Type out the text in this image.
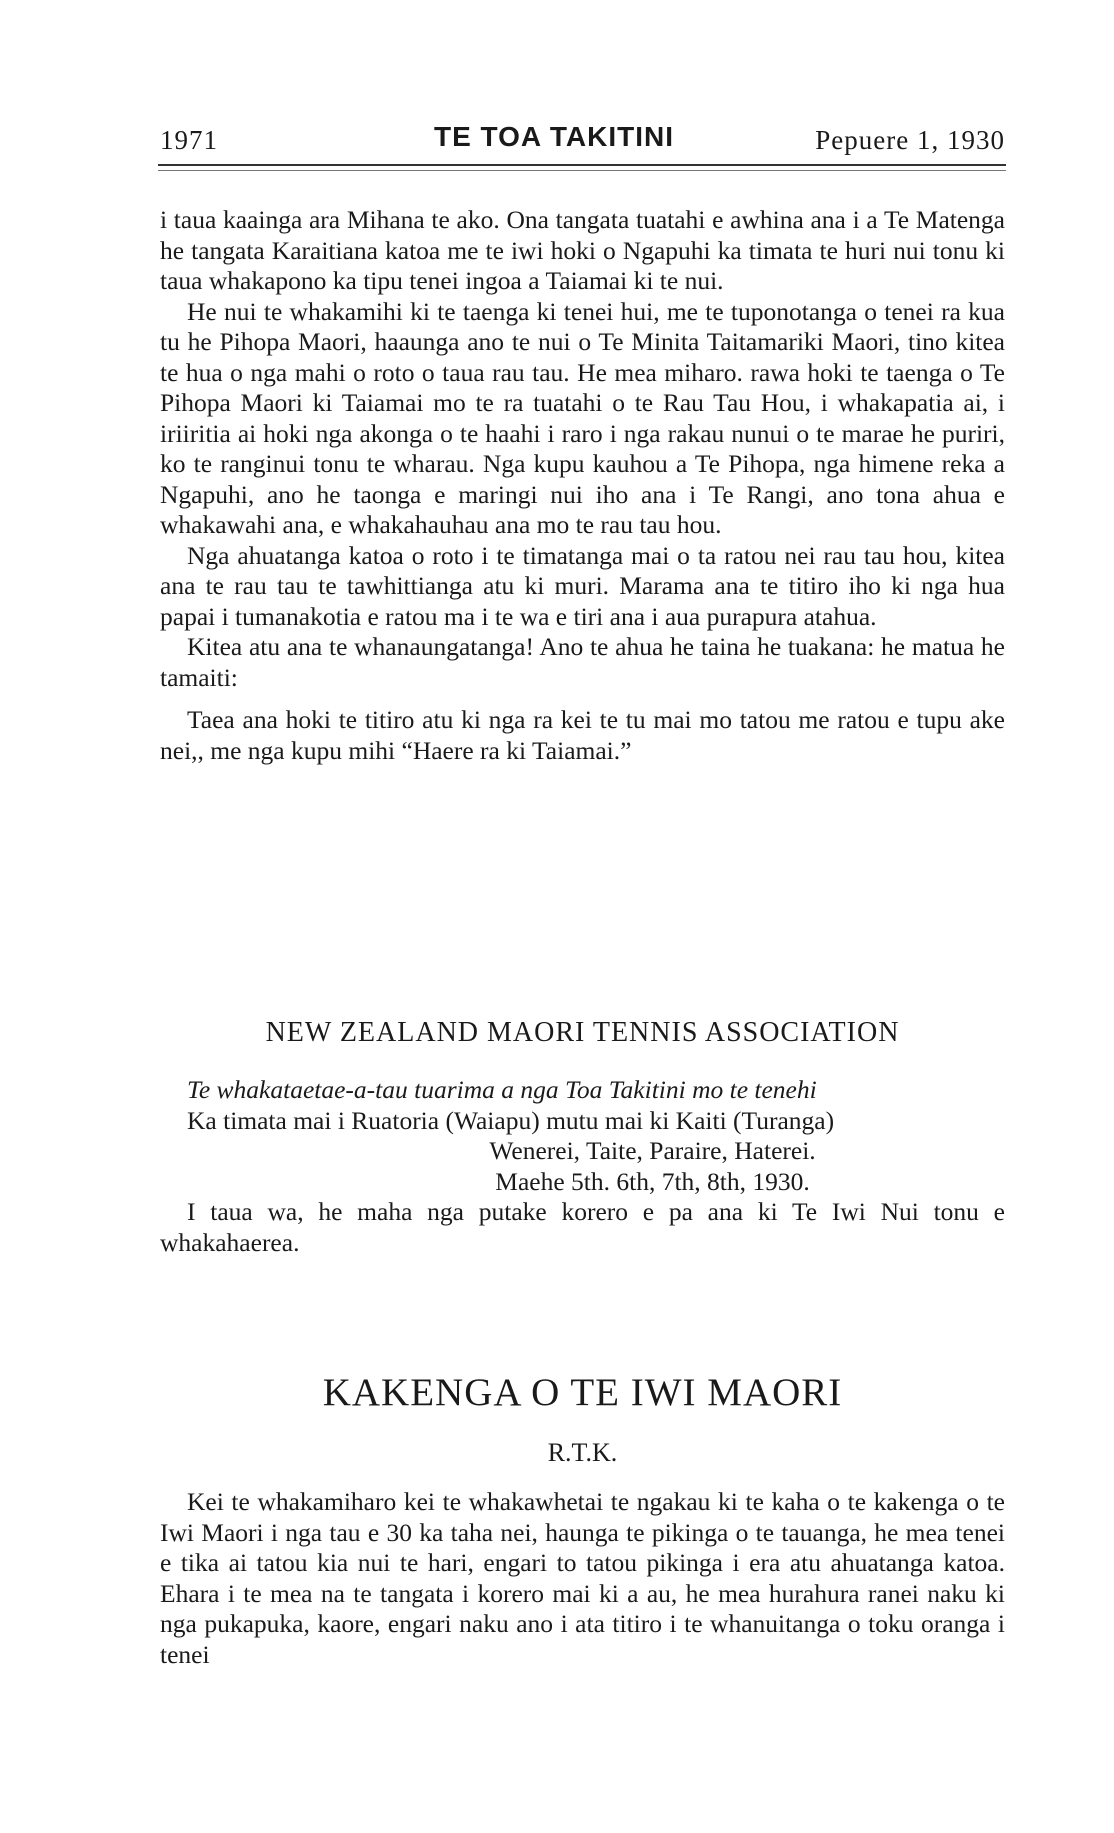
1971	TE TOA TAKITINI	Pepuere 1, 1930

i taua kaainga ara Mihana te ako. Ona tangata tuatahi e awhina ana i a Te Matenga he tangata Karaitiana katoa me te iwi hoki o Ngapuhi ka timata te huri nui tonu ki taua whakapono ka tipu tenei ingoa a Taiamai ki te nui.

He nui te whakamihi ki te taenga ki tenei hui, me te tuponotanga o tenei ra kua tu he Pihopa Maori, haaunga ano te nui o Te Minita Taitamariki Maori, tino kitea te hua o nga mahi o roto o taua rau tau. He mea miharo. rawa hoki te taenga o Te Pihopa Maori ki Taiamai mo te ra tuatahi o te Rau Tau Hou, i whakapatia ai, i iriiritia ai hoki nga akonga o te haahi i raro i nga rakau nunui o te marae he puriri, ko te ranginui tonu te wharau. Nga kupu kauhou a Te Pihopa, nga himene reka a Ngapuhi, ano he taonga e maringi nui iho ana i Te Rangi, ano tona ahua e whakawahi ana, e whakahauhau ana mo te rau tau hou.

Nga ahuatanga katoa o roto i te timatanga mai o ta ratou nei rau tau hou, kitea ana te rau tau te tawhittianga atu ki muri. Marama ana te titiro iho ki nga hua papai i tumanakotia e ratou ma i te wa e tiri ana i aua purapura atahua.

Kitea atu ana te whanaungatanga! Ano te ahua he taina he tuakana: he matua he tamaiti:

Taea ana hoki te titiro atu ki nga ra kei te tu mai mo tatou me ratou e tupu ake nei,, me nga kupu mihi “Haere ra ki Taiamai.”

NEW ZEALAND MAORI TENNIS ASSOCIATION

Te whakataetae-a-tau tuarima a nga Toa Takitini mo te tenehi

Ka timata mai i Ruatoria (Waiapu) mutu mai ki Kaiti (Turanga)

Wenerei, Taite, Paraire, Haterei.

Maehe 5th. 6th, 7th, 8th, 1930.

I taua wa, he maha nga putake korero e pa ana ki Te Iwi Nui tonu e whakahaerea.

KAKENGA O TE IWI MAORI
R.T.K.

Kei te whakamiharo kei te whakawhetai te ngakau ki te kaha o te kakenga o te Iwi Maori i nga tau e 30 ka taha nei, haunga te pikinga o te tauanga, he mea tenei e tika ai tatou kia nui te hari, engari to tatou pikinga i era atu ahuatanga katoa. Ehara i te mea na te tangata i korero mai ki a au, he mea hurahura ranei naku ki nga pukapuka, kaore, engari naku ano i ata titiro i te whanuitanga o toku oranga i tenei
